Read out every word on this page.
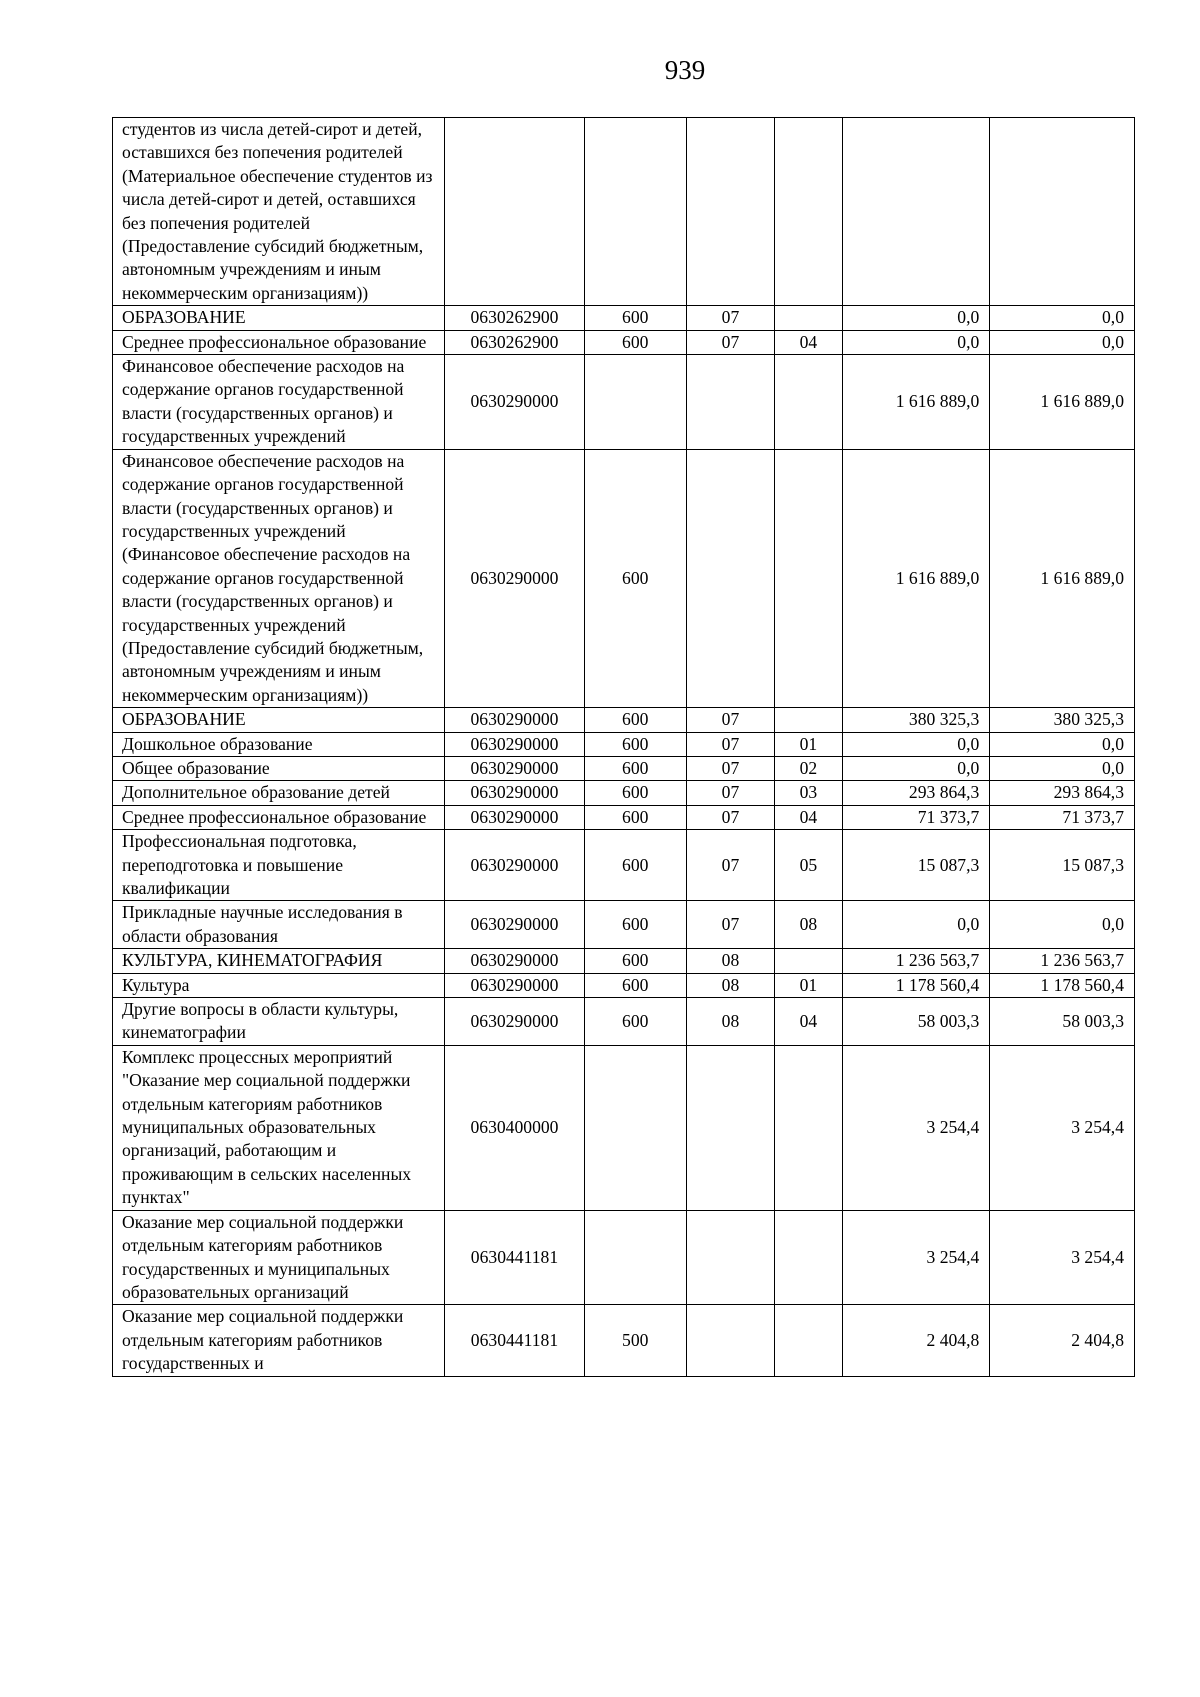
939
студентов из числа детей-сирот и детей, оставшихся без попечения родителей (Материальное обеспечение студентов из числа детей-сирот и детей, оставшихся без попечения родителей (Предоставление субсидий бюджетным, автономным учреждениям и иным некоммерческим организациям))						
ОБРАЗОВАНИЕ	0630262900	600	07		0,0	0,0
Среднее профессиональное образование	0630262900	600	07	04	0,0	0,0
Финансовое обеспечение расходов на содержание органов государственной власти (государственных органов) и государственных учреждений	0630290000				1 616 889,0	1 616 889,0
Финансовое обеспечение расходов на содержание органов государственной власти (государственных органов) и государственных учреждений (Финансовое обеспечение расходов на содержание органов государственной власти (государственных органов) и государственных учреждений (Предоставление субсидий бюджетным, автономным учреждениям и иным некоммерческим организациям))	0630290000	600			1 616 889,0	1 616 889,0
ОБРАЗОВАНИЕ	0630290000	600	07		380 325,3	380 325,3
Дошкольное образование	0630290000	600	07	01	0,0	0,0
Общее образование	0630290000	600	07	02	0,0	0,0
Дополнительное образование детей	0630290000	600	07	03	293 864,3	293 864,3
Среднее профессиональное образование	0630290000	600	07	04	71 373,7	71 373,7
Профессиональная подготовка, переподготовка и повышение квалификации	0630290000	600	07	05	15 087,3	15 087,3
Прикладные научные исследования в области образования	0630290000	600	07	08	0,0	0,0
КУЛЬТУРА, КИНЕМАТОГРАФИЯ	0630290000	600	08		1 236 563,7	1 236 563,7
Культура	0630290000	600	08	01	1 178 560,4	1 178 560,4
Другие вопросы в области культуры, кинематографии	0630290000	600	08	04	58 003,3	58 003,3
Комплекс процессных мероприятий "Оказание мер социальной поддержки отдельным категориям работников муниципальных образовательных организаций, работающим и проживающим в сельских населенных пунктах"	0630400000				3 254,4	3 254,4
Оказание мер социальной поддержки отдельным категориям работников государственных и муниципальных образовательных организаций	0630441181				3 254,4	3 254,4
Оказание мер социальной поддержки отдельным категориям работников государственных и	0630441181	500			2 404,8	2 404,8
